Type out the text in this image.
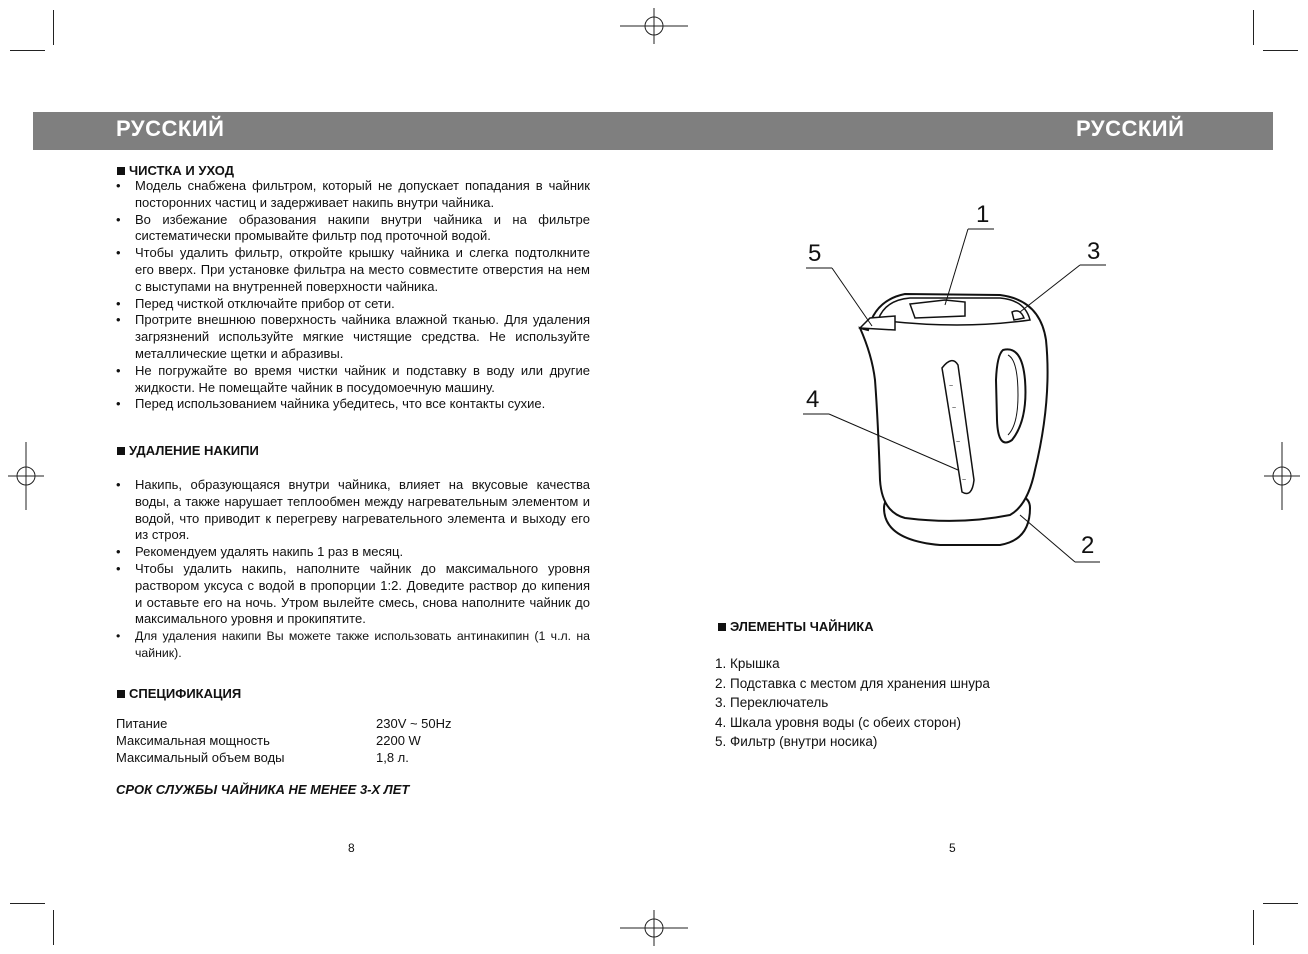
РУССКИЙ	РУССКИЙ
ЧИСТКА И УХОД
• Модель снабжена фильтром, который не допускает попадания в чайник посторонних частиц и задерживает накипь внутри чайника.
• Во избежание образования накипи внутри чайника и на фильтре систематически промывайте фильтр под проточной водой.
• Чтобы удалить фильтр, откройте крышку чайника и слегка подтолкните его вверх. При установке фильтра на место совместите отверстия на нем с выступами на внутренней поверхности чайника.
• Перед чисткой отключайте прибор от сети.
• Протрите внешнюю поверхность чайника влажной тканью. Для удаления загрязнений используйте мягкие чистящие средства. Не используйте металлические щетки и абразивы.
• Не погружайте во время чистки чайник и подставку в воду или другие жидкости. Не помещайте чайник в посудомоечную машину.
• Перед использованием чайника убедитесь, что все контакты сухие.
УДАЛЕНИЕ НАКИПИ
• Накипь, образующаяся внутри чайника, влияет на вкусовые качества воды, а также нарушает теплообмен между нагревательным элементом и водой, что приводит к перегреву нагревательного элемента и выходу его из строя.
• Рекомендуем удалять накипь 1 раз в месяц.
• Чтобы удалить накипь, наполните чайник до максимального уровня раствором уксуса с водой в пропорции 1:2. Доведите раствор до кипения и оставьте его на ночь. Утром вылейте смесь, снова наполните чайник до максимального уровня и прокипятите.
• Для удаления накипи Вы можете также использовать антинакипин (1 ч.л. на чайник).
СПЕЦИФИКАЦИЯ
Питание	230V ~ 50Hz
Максимальная мощность	2200 W
Максимальный объем воды	1,8 л.
СРОК СЛУЖБЫ ЧАЙНИКА НЕ МЕНЕЕ 3-Х ЛЕТ
8	5
~
~
~
~
1
2
3
4
5
ЭЛЕМЕНТЫ ЧАЙНИКА
1. Крышка
2. Подставка с местом для хранения шнура
3. Переключатель
4. Шкала уровня воды (с обеих сторон)
5. Фильтр (внутри носика)
